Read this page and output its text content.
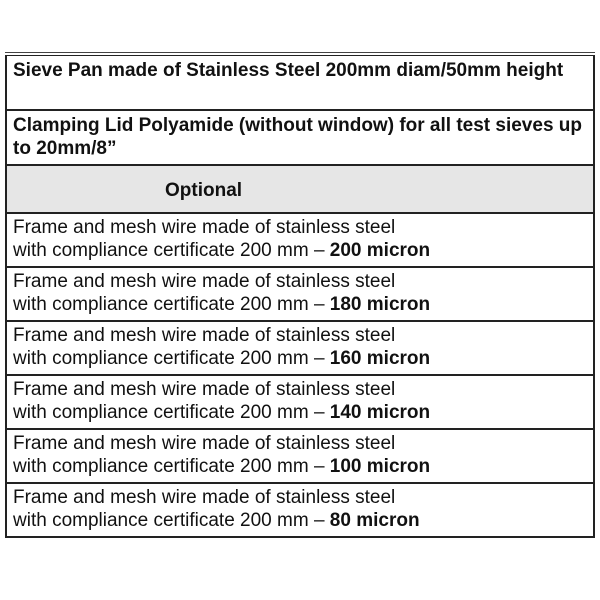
Sieve Pan made of Stainless Steel 200mm diam/50mm height
Clamping Lid Polyamide (without window) for all test sieves up to 20mm/8”
Optional
Frame and mesh wire made of stainless steel
with compliance certificate 200 mm – 200 micron
Frame and mesh wire made of stainless steel
with compliance certificate 200 mm – 180 micron
Frame and mesh wire made of stainless steel
with compliance certificate 200 mm – 160 micron
Frame and mesh wire made of stainless steel
with compliance certificate 200 mm – 140 micron
Frame and mesh wire made of stainless steel
with compliance certificate 200 mm – 100 micron
Frame and mesh wire made of stainless steel
with compliance certificate 200 mm – 80 micron
